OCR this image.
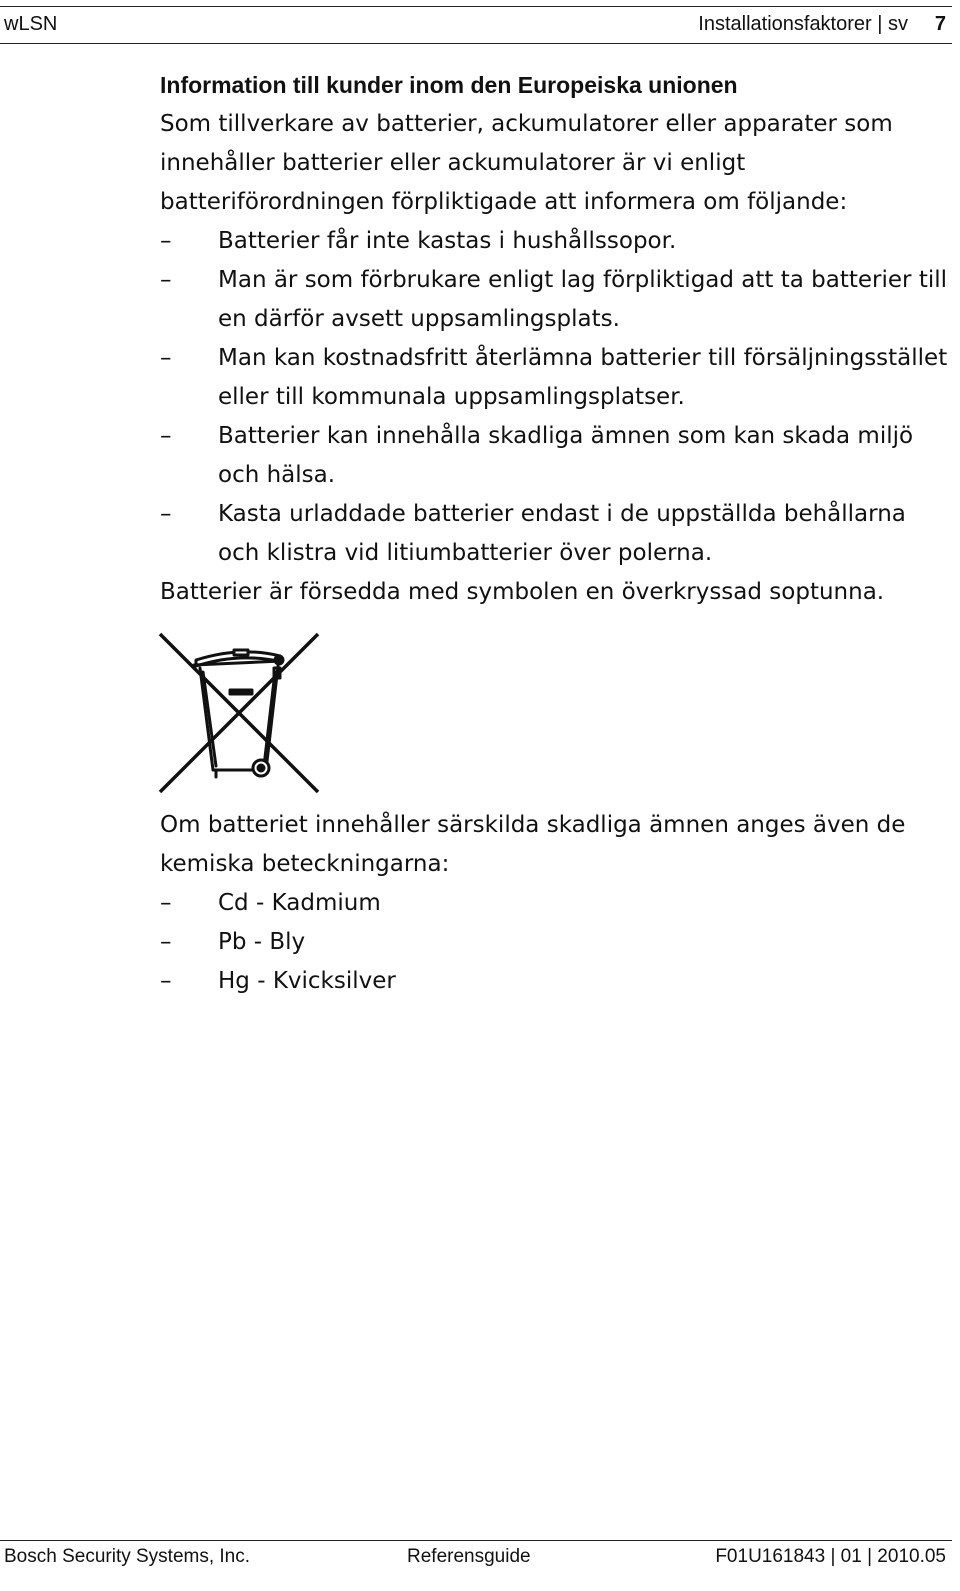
wLSN	Installationsfaktorer | sv 7
Information till kunder inom den Europeiska unionen

Som tillverkare av batterier, ackumulatorer eller apparater som innehåller batterier eller ackumulatorer är vi enligt batteriförordningen förpliktigade att informera om följande:

–	Batterier får inte kastas i hushållssopor.
–	Man är som förbrukare enligt lag förpliktigad att ta batterier till en därför avsett uppsamlingsplats.
–	Man kan kostnadsfritt återlämna batterier till försäljningsstället eller till kommunala uppsamlingsplatser.
–	Batterier kan innehålla skadliga ämnen som kan skada miljö och hälsa.
–	Kasta urladdade batterier endast i de uppställda behållarna och klistra vid litiumbatterier över polerna.

Batterier är försedda med symbolen en överkryssad soptunna.

Om batteriet innehåller särskilda skadliga ämnen anges även de kemiska beteckningarna:

–	Cd - Kadmium
–	Pb - Bly
–	Hg - Kvicksilver
Bosch Security Systems, Inc.	Referensguide	F01U161843 | 01 | 2010.05
